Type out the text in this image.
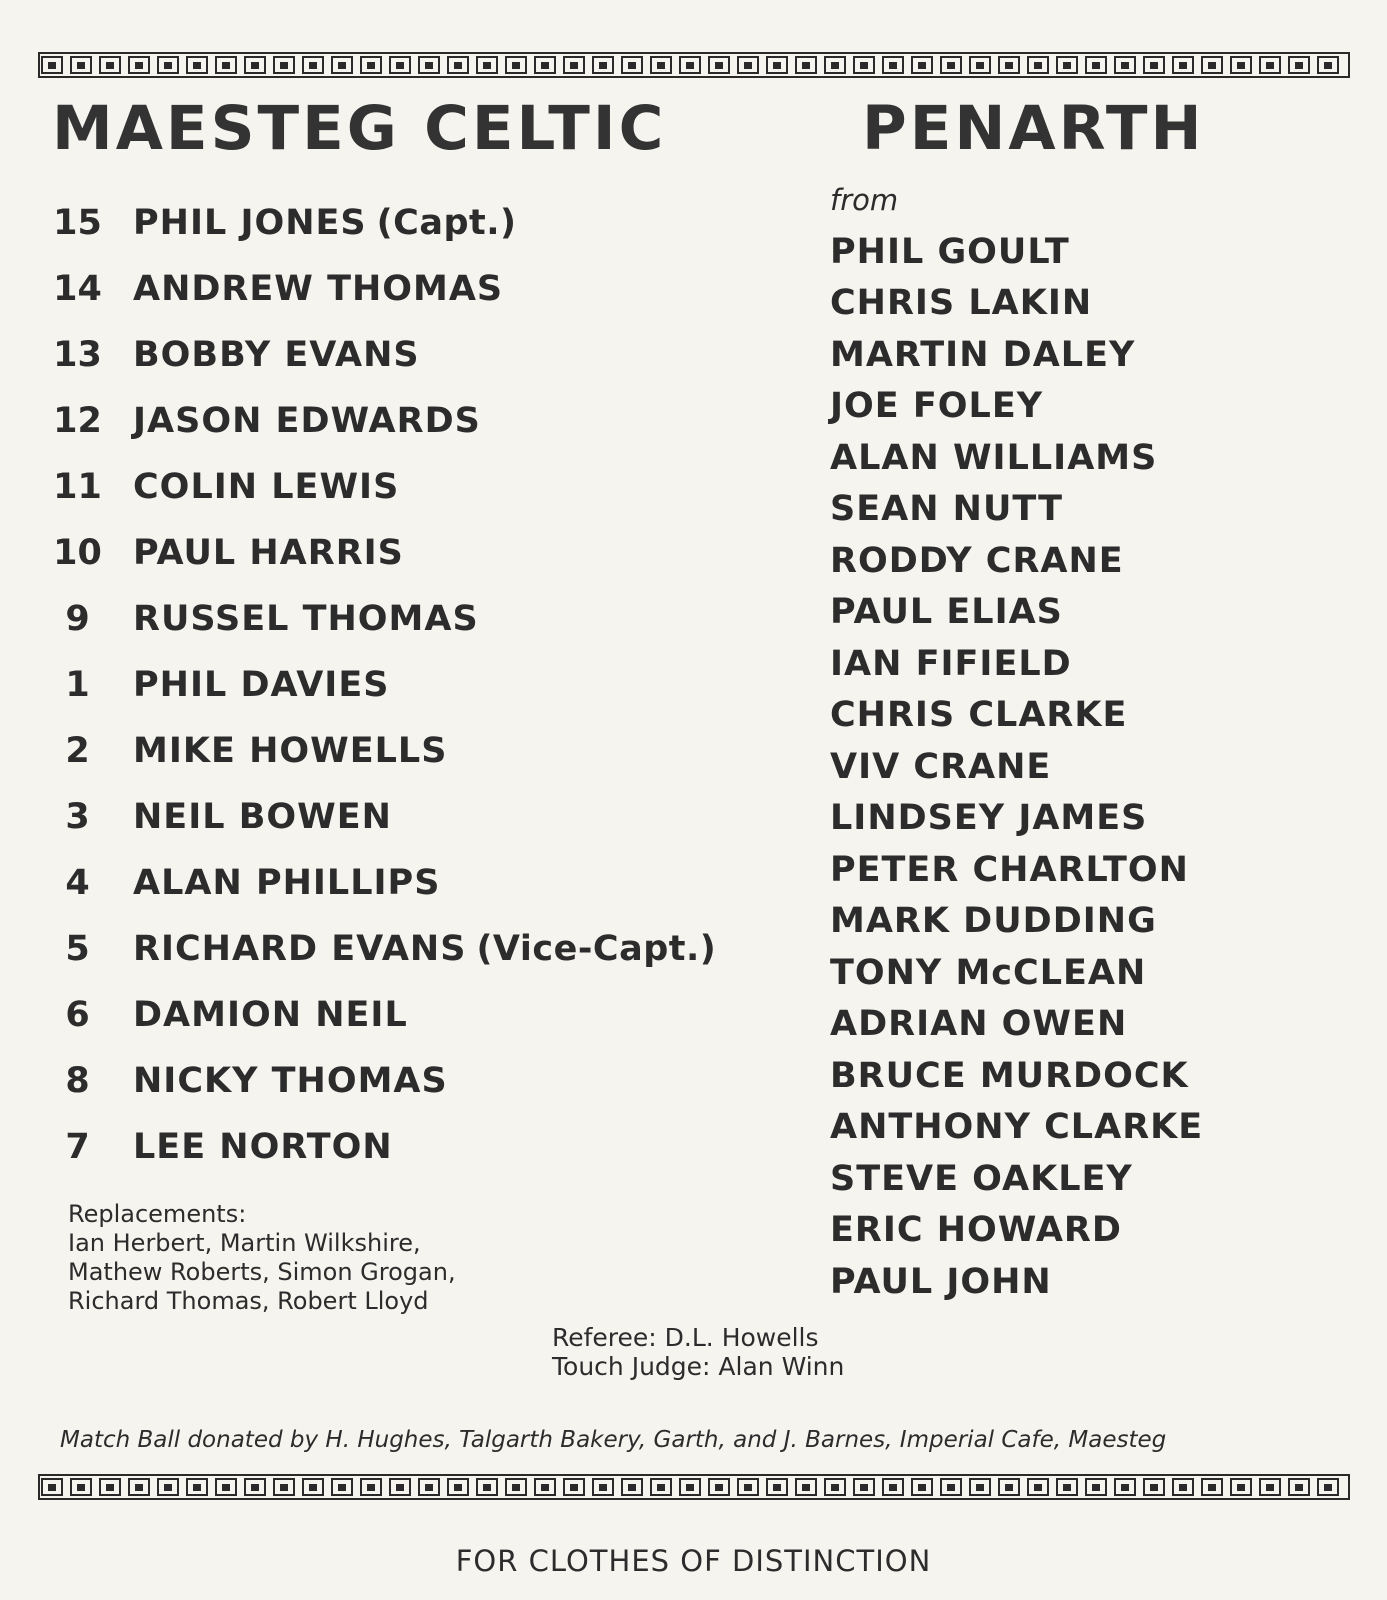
MAESTEG CELTIC	PENARTH
15 PHIL JONES (Capt.)
14 ANDREW THOMAS
13 BOBBY EVANS
12 JASON EDWARDS
11 COLIN LEWIS
10 PAUL HARRIS
9	RUSSEL THOMAS
1	PHIL DAVIES
2	MIKE HOWELLS
3	NEIL BOWEN
4	ALAN PHILLIPS
5	RICHARD EVANS (Vice-Capt.)
6	DAMION NEIL
8	NICKY THOMAS
7	LEE NORTON
from
PHIL GOULT
CHRIS LAKIN
MARTIN DALEY
JOE FOLEY
ALAN WILLIAMS
SEAN NUTT
RODDY CRANE
PAUL ELIAS
IAN FIFIELD
CHRIS CLARKE
VIV CRANE
LINDSEY JAMES
PETER CHARLTON
MARK DUDDING
TONY McCLEAN
ADRIAN OWEN
BRUCE MURDOCK
ANTHONY CLARKE
STEVE OAKLEY
ERIC HOWARD
PAUL JOHN
Replacements:
Ian Herbert, Martin Wilkshire,
Mathew Roberts, Simon Grogan,
Richard Thomas, Robert Lloyd
Referee: D.L. Howells
Touch Judge: Alan Winn
Match Ball donated by H. Hughes, Talgarth Bakery, Garth, and J. Barnes, Imperial Cafe, Maesteg
FOR CLOTHES OF DISTINCTION
